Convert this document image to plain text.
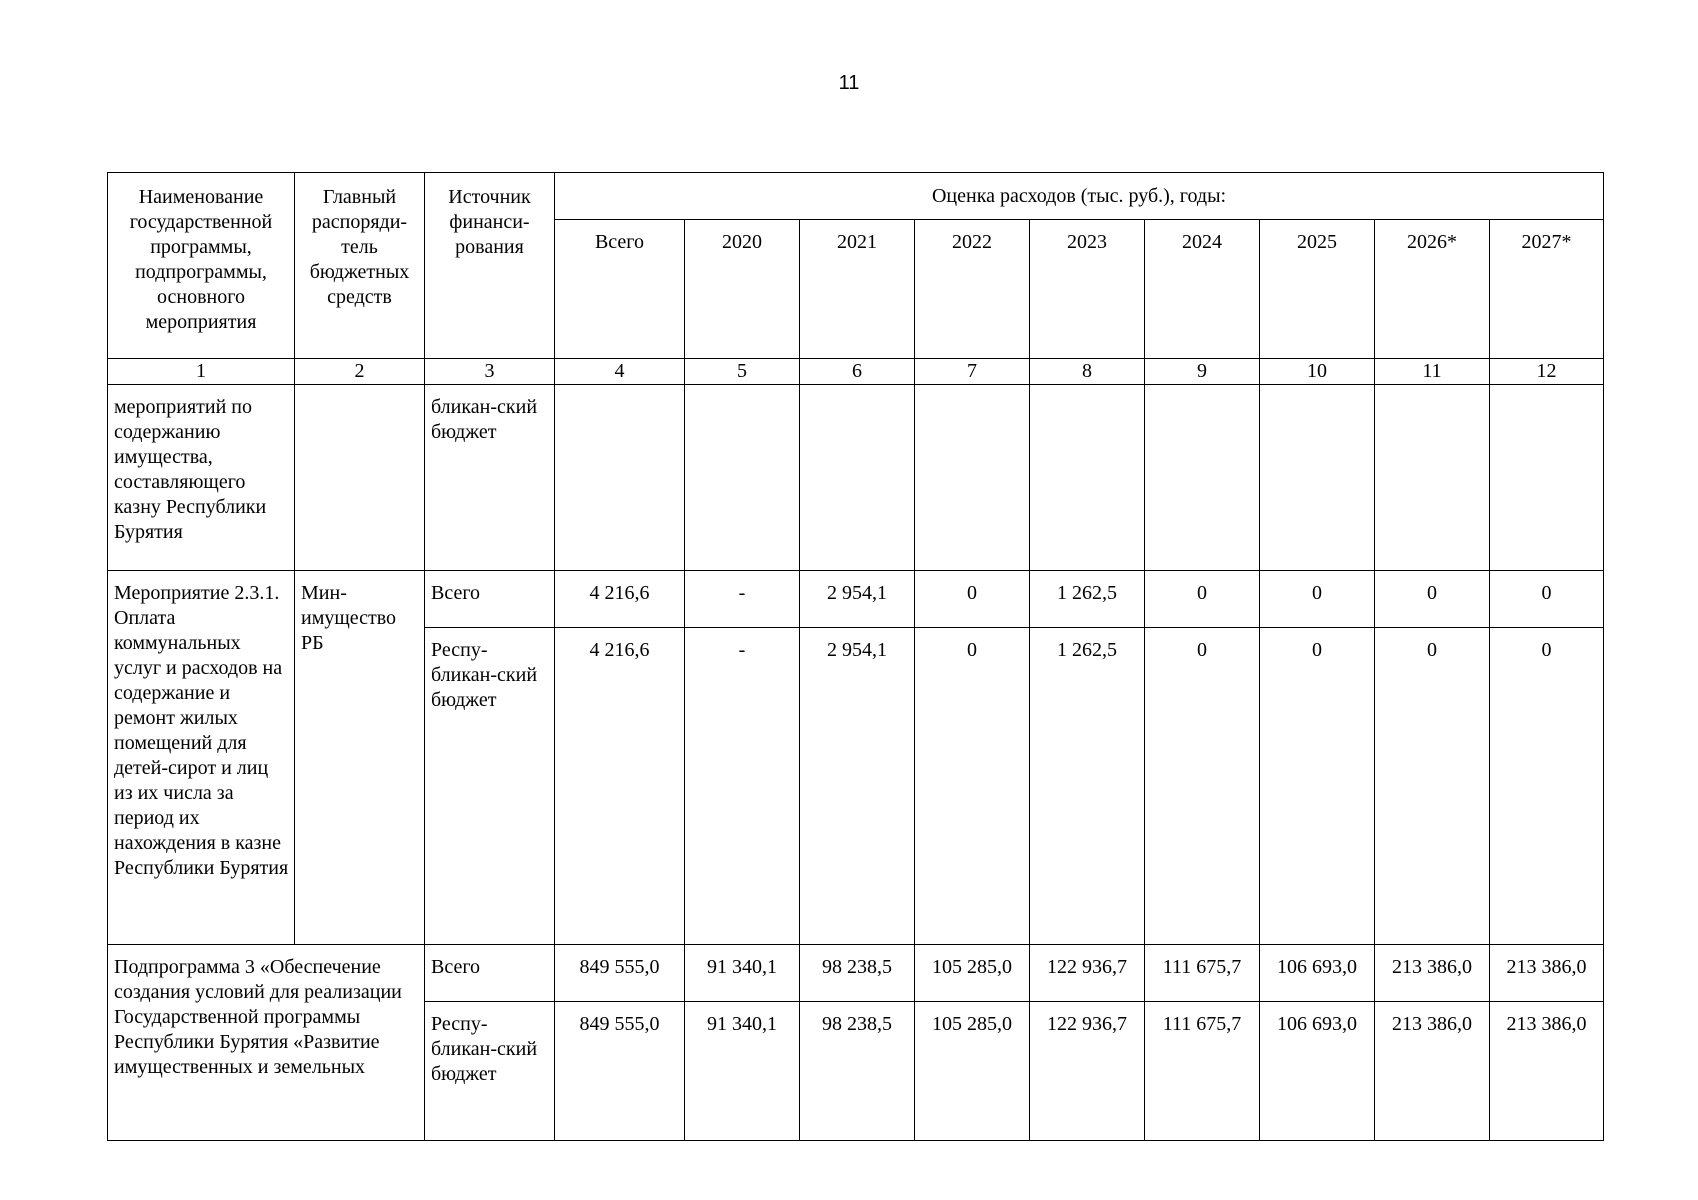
11
Наименование государственной программы, подпрограммы, основного мероприятия	Главный распоряди-тель бюджетных средств	Источник финанси-рования	Оценка расходов (тыс. руб.), годы:								
			Всего	2020	2021	2022	2023	2024	2025	2026*	2027*
1	2	3	4	5	6	7	8	9	10	11	12
мероприятий по содержанию имущества, составляющего казну Республики Бурятия		бликан-ский бюджет									
Мероприятие 2.3.1. Оплата коммунальных услуг и расходов на содержание и ремонт жилых помещений для детей-сирот и лиц из их числа за период их нахождения в казне Республики Бурятия	Мин-имущество РБ	Всего	4 216,6	-	2 954,1	0	1 262,5	0	0	0	0
		Респу-бликан-ский бюджет	4 216,6	-	2 954,1	0	1 262,5	0	0	0	0
Подпрограмма 3 «Обеспечение создания условий для реализации Государственной программы Республики Бурятия «Развитие имущественных и земельных		Всего	849 555,0	91 340,1	98 238,5	105 285,0	122 936,7	111 675,7	106 693,0	213 386,0	213 386,0
		Респу-бликан-ский бюджет	849 555,0	91 340,1	98 238,5	105 285,0	122 936,7	111 675,7	106 693,0	213 386,0	213 386,0
